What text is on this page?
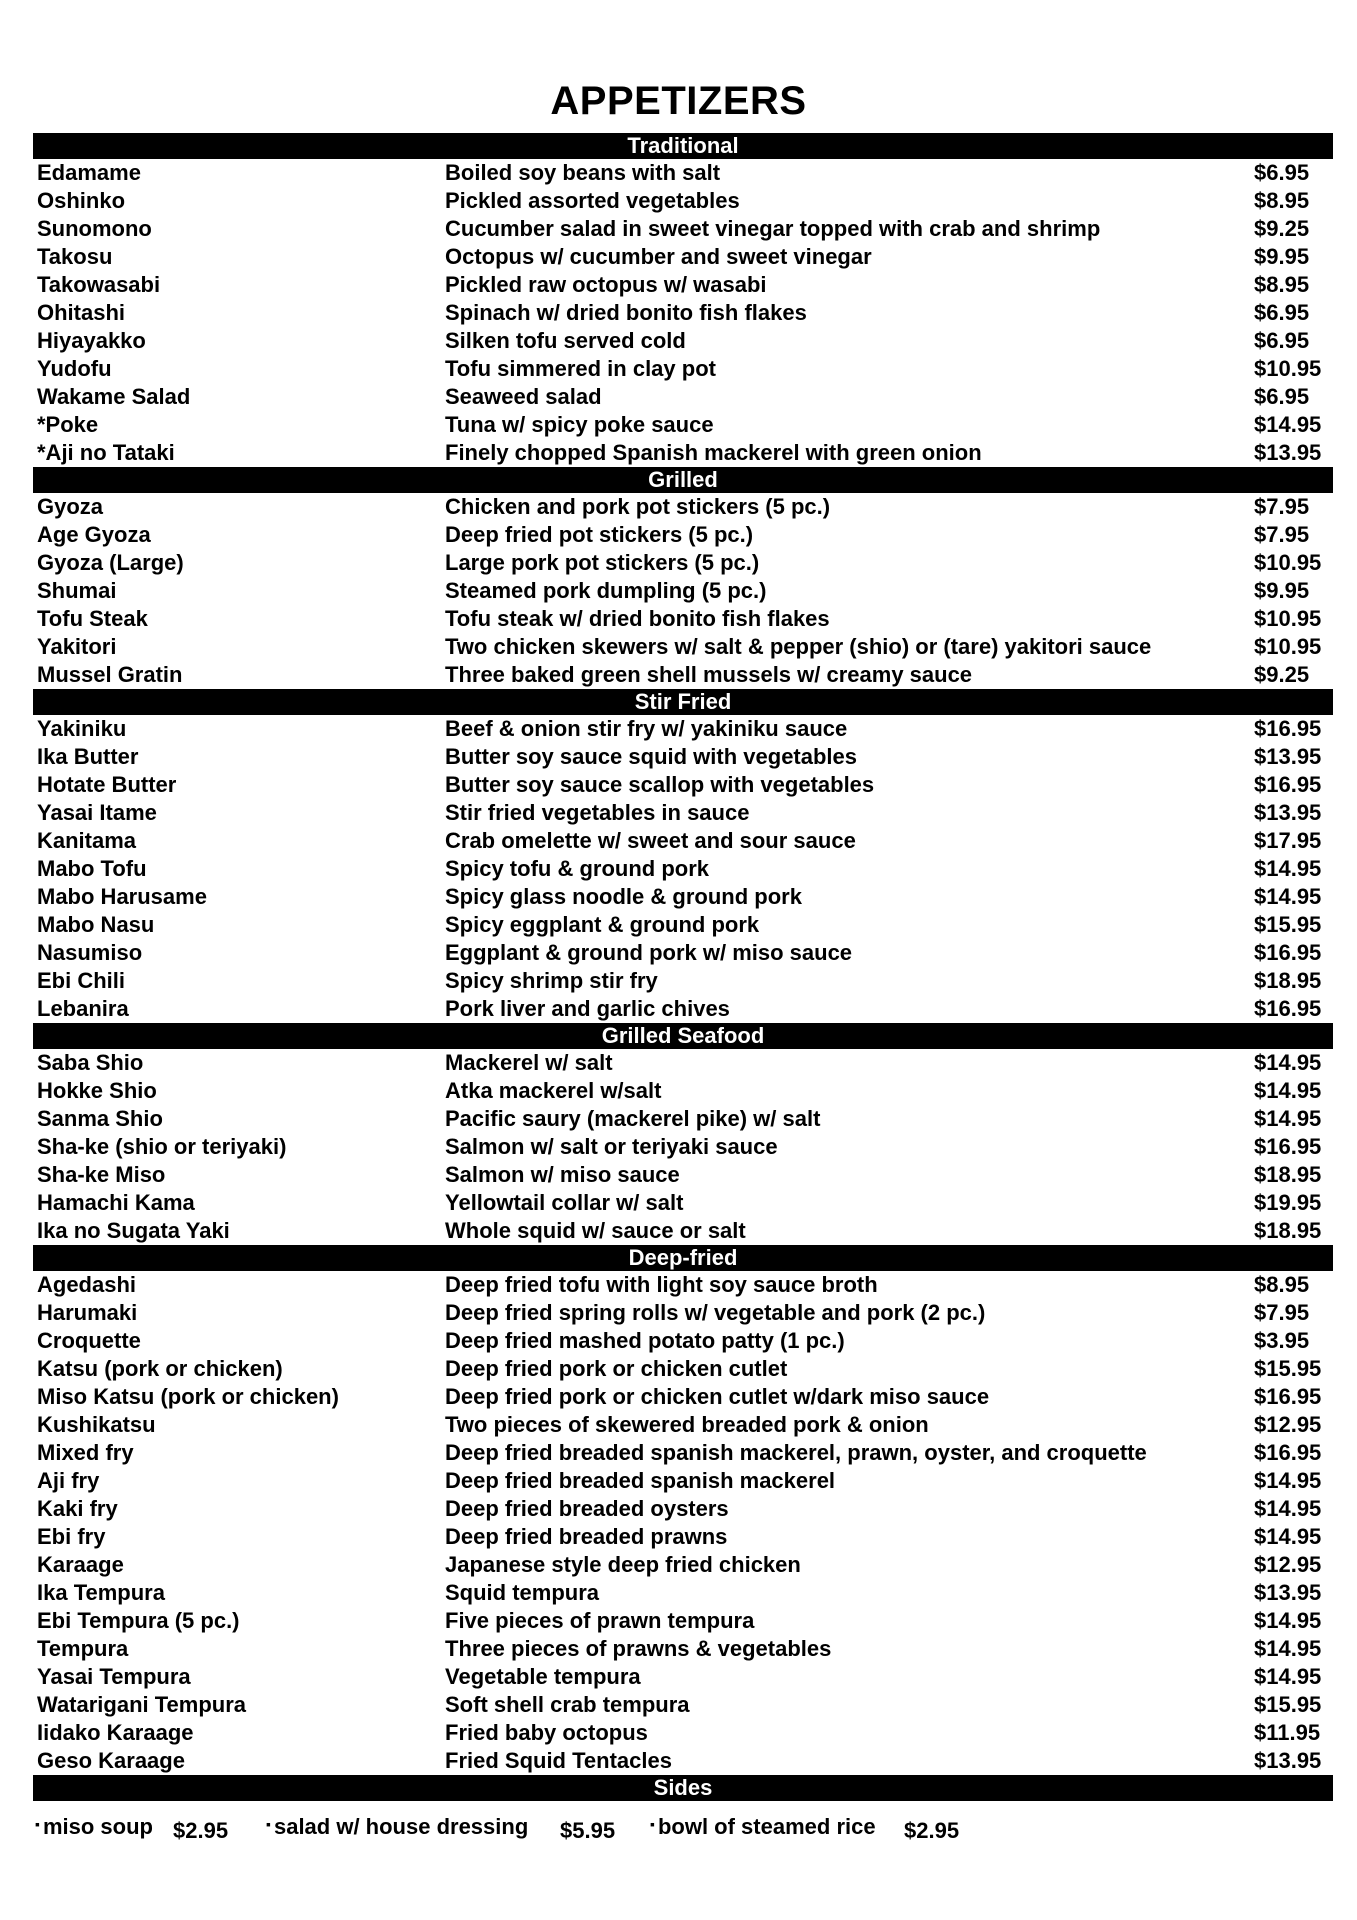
APPETIZERS
Traditional
Edamame	Boiled soy beans with salt	$6.95
Oshinko	Pickled assorted vegetables	$8.95
Sunomono	Cucumber salad in sweet vinegar topped with crab and shrimp	$9.25
Takosu	Octopus w/ cucumber and sweet vinegar	$9.95
Takowasabi	Pickled raw octopus w/ wasabi	$8.95
Ohitashi	Spinach w/ dried bonito fish flakes	$6.95
Hiyayakko	Silken tofu served cold	$6.95
Yudofu	Tofu simmered in clay pot	$10.95
Wakame Salad	Seaweed salad	$6.95
*Poke	Tuna w/ spicy poke sauce	$14.95
*Aji no Tataki	Finely chopped Spanish mackerel with green onion	$13.95
Grilled
Gyoza	Chicken and pork pot stickers (5 pc.)	$7.95
Age Gyoza	Deep fried pot stickers (5 pc.)	$7.95
Gyoza (Large)	Large pork pot stickers (5 pc.)	$10.95
Shumai	Steamed pork dumpling (5 pc.)	$9.95
Tofu Steak	Tofu steak w/ dried bonito fish flakes	$10.95
Yakitori	Two chicken skewers w/ salt & pepper (shio) or (tare) yakitori sauce	$10.95
Mussel Gratin	Three baked green shell mussels w/ creamy sauce	$9.25
Stir Fried
Yakiniku	Beef & onion stir fry w/ yakiniku sauce	$16.95
Ika Butter	Butter soy sauce squid with vegetables	$13.95
Hotate Butter	Butter soy sauce scallop with vegetables	$16.95
Yasai Itame	Stir fried vegetables in sauce	$13.95
Kanitama	Crab omelette w/ sweet and sour sauce	$17.95
Mabo Tofu	Spicy tofu & ground pork	$14.95
Mabo Harusame	Spicy glass noodle & ground pork	$14.95
Mabo Nasu	Spicy eggplant & ground pork	$15.95
Nasumiso	Eggplant & ground pork w/ miso sauce	$16.95
Ebi Chili	Spicy shrimp stir fry	$18.95
Lebanira	Pork liver and garlic chives	$16.95
Grilled Seafood
Saba Shio	Mackerel w/ salt	$14.95
Hokke Shio	Atka mackerel w/salt	$14.95
Sanma Shio	Pacific saury (mackerel pike) w/ salt	$14.95
Sha-ke (shio or teriyaki)	Salmon w/ salt or teriyaki sauce	$16.95
Sha-ke Miso	Salmon w/ miso sauce	$18.95
Hamachi Kama	Yellowtail collar w/ salt	$19.95
Ika no Sugata Yaki	Whole squid w/ sauce or salt	$18.95
Deep-fried
Agedashi	Deep fried tofu with light soy sauce broth	$8.95
Harumaki	Deep fried spring rolls w/ vegetable and pork (2 pc.)	$7.95
Croquette	Deep fried mashed potato patty (1 pc.)	$3.95
Katsu (pork or chicken)	Deep fried pork or chicken cutlet	$15.95
Miso Katsu (pork or chicken)	Deep fried pork or chicken cutlet w/dark miso sauce	$16.95
Kushikatsu	Two pieces of skewered breaded pork & onion	$12.95
Mixed fry	Deep fried breaded spanish mackerel, prawn, oyster, and croquette	$16.95
Aji fry	Deep fried breaded spanish mackerel	$14.95
Kaki fry	Deep fried breaded oysters	$14.95
Ebi fry	Deep fried breaded prawns	$14.95
Karaage	Japanese style deep fried chicken	$12.95
Ika Tempura	Squid tempura	$13.95
Ebi Tempura (5 pc.)	Five pieces of prawn tempura	$14.95
Tempura	Three pieces of prawns & vegetables	$14.95
Yasai Tempura	Vegetable tempura	$14.95
Watarigani Tempura	Soft shell crab tempura	$15.95
Iidako Karaage	Fried baby octopus	$11.95
Geso Karaage	Fried Squid Tentacles	$13.95
Sides
▪ miso soup $2.95	▪ salad w/ house dressing $5.95 ▪ bowl of steamed rice $2.95
